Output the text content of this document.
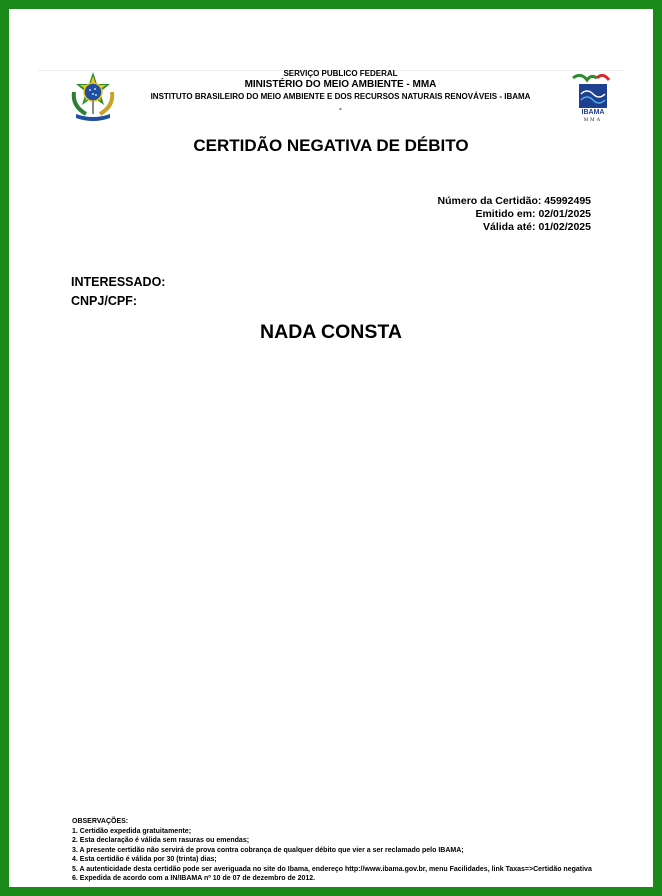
SERVIÇO PUBLICO FEDERAL
MINISTÉRIO DO MEIO AMBIENTE - MMA
INSTITUTO BRASILEIRO DO MEIO AMBIENTE E DOS RECURSOS NATURAIS RENOVÁVEIS - IBAMA
-	IBAMA
MMA
CERTIDÃO NEGATIVA DE DÉBITO
Número da Certidão: 45992495
Emitido em: 02/01/2025
Válida até: 01/02/2025
INTERESSADO:
CNPJ/CPF:
NADA CONSTA
OBSERVAÇÕES:
1. Certidão expedida gratuitamente;
2. Esta declaração é válida sem rasuras ou emendas;
3. A presente certidão não servirá de prova contra cobrança de qualquer débito que vier a ser reclamado pelo IBAMA;
4. Esta certidão é válida por 30 (trinta) dias;
5. A autenticidade desta certidão pode ser averiguada no site do Ibama, endereço http://www.ibama.gov.br, menu Facilidades, link Taxas=>Certidão negativa
6. Expedida de acordo com a IN/IBAMA nº 10 de 07 de dezembro de 2012.
